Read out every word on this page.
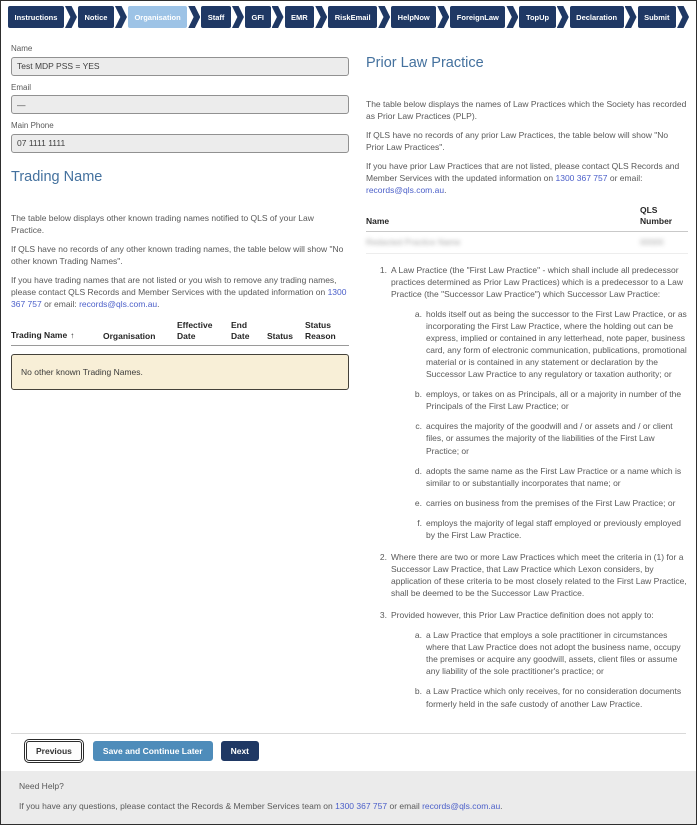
Instructions	Notice	Organisation	Staff	GFI	EMR	RiskEmail	HelpNow	ForeignLaw	TopUp	Declaration	Submit
Name
Test MDP PSS = YES
Email
—
Main Phone
07 1111 1111
Trading Name

The table below displays other known trading names notified to QLS of your Law Practice.

If QLS have no records of any other known trading names, the table below will show "No other known Trading Names".

If you have trading names that are not listed or you wish to remove any trading names, please contact QLS Records and Member Services with the updated information on 1300 367 757 or email: records@qls.com.au.

Trading Name ↑	Organisation	Effective Date	End Date	Status	Status Reason
No other known Trading Names.
Prior Law Practice

The table below displays the names of Law Practices which the Society has recorded as Prior Law Practices (PLP).

If QLS have no records of any prior Law Practices, the table below will show "No Prior Law Practices".

If you have prior Law Practices that are not listed, please contact QLS Records and Member Services with the updated information on 1300 367 757 or email: records@qls.com.au.

Name	QLS Number
Redacted Practice Name	00000
1. A Law Practice (the "First Law Practice" - which shall include all predecessor practices determined as Prior Law Practices) which is a predecessor to a Law Practice (the "Successor Law Practice") which Successor Law Practice:
a. holds itself out as being the successor to the First Law Practice, or as incorporating the First Law Practice, where the holding out can be express, implied or contained in any letterhead, note paper, business card, any form of electronic communication, publications, promotional material or is contained in any statement or declaration by the Successor Law Practice to any regulatory or taxation authority; or
b. employs, or takes on as Principals, all or a majority in number of the Principals of the First Law Practice; or
c. acquires the majority of the goodwill and / or assets and / or client files, or assumes the majority of the liabilities of the First Law Practice; or
d. adopts the same name as the First Law Practice or a name which is similar to or substantially incorporates that name; or
e. carries on business from the premises of the First Law Practice; or
f. employs the majority of legal staff employed or previously employed by the First Law Practice.
2. Where there are two or more Law Practices which meet the criteria in (1) for a Successor Law Practice, that Law Practice which Lexon considers, by application of these criteria to be most closely related to the First Law Practice, shall be deemed to be the Successor Law Practice.
3. Provided however, this Prior Law Practice definition does not apply to:
a. a Law Practice that employs a sole practitioner in circumstances where that Law Practice does not adopt the business name, occupy the premises or acquire any goodwill, assets, client files or assume any liability of the sole practitioner's practice; or
b. a Law Practice which only receives, for no consideration documents formerly held in the safe custody of another Law Practice.
Previous	Save and Continue Later	Next

Need Help?

If you have any questions, please contact the Records & Member Services team on 1300 367 757 or email records@qls.com.au.
